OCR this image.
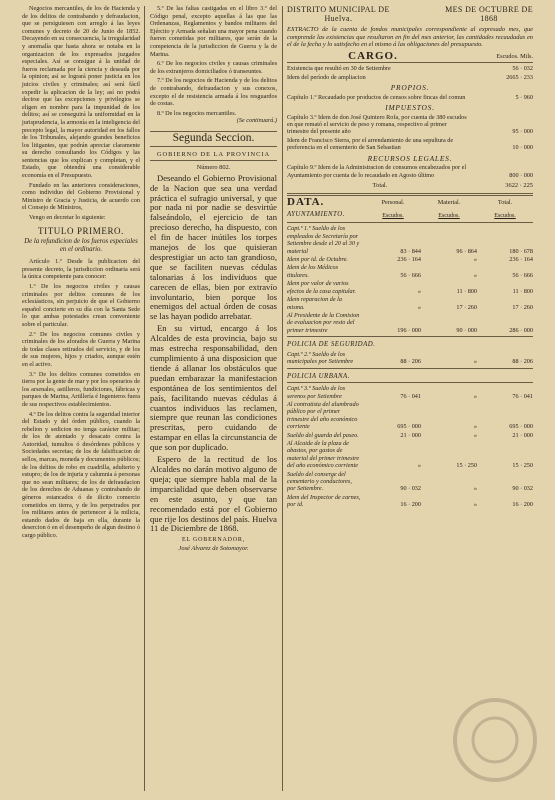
Negocios mercantiles, de los de Hacienda y de los delitos de contrabando y defraudacion, que se persiguiesen con arreglo á las leyes comunes y decreto de 20 de Junio de 1852. Decayendo en su consecuencia, la irregularidad y anomalía que hasta ahora se notaba en la organizacion de los expresados juzgados especiales. Así se consigue á la unidad de fueros reclamada por la ciencia y deseada por la opinion; así se logrará poner justicia en los juicios civiles y criminales; así será fácil expedir la aplicacion de la ley; así no podrá decirse que las excepciones y privilegios se eligen en nombre para la impunidad de los delitos; así se conseguirá la uniformidad en la jurisprudencia, la armonía en la inteligencia del precepto legal, la mayor autoridad en los fallos de los Tribunales, alejando grandes beneficios los litigantes, que podrán apreciar claramente su derecho consultando los Códigos y las sentencias que los explican y completan, y el Estado, que obtendrá una considerable economía en el Presupuesto.

Fundado en las anteriores consideraciones, como individuo del Gobierno Provisional y Ministro de Gracia y Justicia, de acuerdo con el Consejo de Ministros,

Vengo en decretar lo siguiente:

TITULO PRIMERO.
De la refundicion de los fueros especiales en el ordinario.

Artículo 1.º Desde la publicacion del presente decreto, la jurisdiccion ordinaria será la única competente para conocer:

1.º De los negocios civiles y causas criminales por delitos comunes de los eclesiásticos, sin perjuicio de que el Gobierno español concierte en su día con la Santa Sede lo que ambas potestades crean conveniente sobre el particular.

2.º De los negocios comunes civiles y criminales de los aforados de Guerra y Marina de todas clases retirados del servicio, y de los de sus mujeres, hijos y criados, aunque estén en el activo.

3.º De los delitos comunes cometidos en tierra por la gente de mar y por los operarios de los arsenales, astilleros, fundiciones, fábricas y parques de Marina, Artillería é Ingenieros fuera de sus respectivos establecimientos.

4.º De los delitos contra la seguridad interior del Estado y del órden público, cuando la rebelion y sedicion no tenga carácter militar; de los de atentado y desacato contra la Autoridad, tumultos ó desórdenes públicos y Sociedades secretas; de los de falsificacion de sellos, marcas, moneda y documentos públicos; de los delitos de robo en cuadrilla, adulterio y estupro; de los de injuria y calumnia á personas que no sean militares; de los de defraudacion de los derechos de Aduanas y contrabando de géneros estancados ó de ilícito comercio cometidos en tierra, y de los perpetrados por los militares antes de pertenecer á la milicia, estando dados de baja en ella, durante la desercion ó en el desempeño de algun destino ó cargo público.

5.º De las faltas castigadas en el libro 3.º del Código penal, excepto aquellas á las que las Ordenanzas, Reglamentos y bandos militares del Ejército y Armada señalan una mayor pena cuando fueren cometidas por militares, que serán de la competencia de la jurisdiccion de Guerra y la de Marina.

6.º De los negocios civiles y causas criminales de los extranjeros domiciliados ó transeuntes.

7.º De los negocios de Hacienda y de los delitos de contrabando, defraudacion y sus conexos, excepto el de resistencia armada á los resguardos de costas.

8.º De los negocios mercantiles.

(Se continuará.)
Segunda Seccion.
GOBIERNO DE LA PROVINCIA
Número 802.

Deseando el Gobierno Provisional de la Nacion que sea una verdad práctica el sufragio universal, y que por nada ni por nadie se desvirtúe falseándolo, el ejercicio de tan precioso derecho, ha dispuesto, con el fin de hacer inútiles los torpes manejos de los que quisieran desprestigiar un acto tan grandioso, que se faciliten nuevas cédulas talonarias á los individuos que carecen de ellas, bien por extravío involuntario, bien porque los enemigos del actual órden de cosas se las hayan podido arrebatar.

En su virtud, encargo á los Alcaldes de esta provincia, bajo su mas estrecha responsabilidad, den cumplimiento á una disposicion que tiende á allanar los obstáculos que puedan embarazar la manifestacion espontánea de los sentimientos del país, facilitando nuevas cédulas á cuantos individuos las reclamen, siempre que reunan las condiciones prescritas, pero cuidando de estampar en ellas la circunstancia de que son por duplicado.

Espero de la rectitud de los Alcaldes no darán motivo alguno de queja; que siempre habla mal de la imparcialidad que deben observarse en este asunto, y que tan recomendado está por el Gobierno que rije los destinos del país. Huelva 11 de Diciembre de 1868.

EL GOBERNADOR,
José Alvarez de Sotomayor.
DISTRITO MUNICIPAL DE
Huelva.
MES DE OCTUBRE DE
1868
EXTRACTO de la cuenta de fondos municipales correspondiente al expresado mes, que comprende las existencias que resultaron en fin del mes anterior, las cantidades recaudadas en el de la fecha y lo satisfecho en el mismo á las obligaciones del presupuesto.
CARGO.	Escudos. Mils.
Existencia que resultó en 30 de Setiembre	56 · 032
Idem del período de ampliacion	2665 · 233
PROPIOS.
Capítulo 1.º Recaudado por productos de censos sobre fincas del comun	5 · 960
IMPUESTOS.
Capítulo 3.º Idem de don José Quintero Rofa, por cuenta de 380 escudos en que remató el servicio de peso y romana, respectivo al primer trimestre del presente año	95 · 000
Idem de Francisco Sierra, por el arrendamiento de una sepultura de preferencia en el cementerio de San Sebastian	10 · 000
RECURSOS LEGALES.
Capítulo 9.º Idem de la Administracion de consumos encabezados por el Ayuntamiento por cuenta de lo recaudado en Agosto último	800 · 000
Total.	3622 · 225
DATA.	Personal.	Material.	Total.
AYUNTAMIENTO.	Escudos.	Escudos.	Escudos.
Capt.º 1.º Sueldo de los empleados de Secretaría por Setiembre desde el 20 al 30 y material	83 · 844	96 · 864	180 · 678
Idem por id. de Octubre.	236 · 164	»	236 · 164
Idem de los Médicos titulares.	56 · 666	»	56 · 666
Idem por valor de varios efectos de la casa capitular.	»	11 · 800	11 · 800
Idem reparacion de la misma.	»	17 · 260	17 · 260
Al Presidente de la Comision de evaluacion por resto del primer trimestre	196 · 000	90 · 000	286 · 000
POLICIA DE SEGURIDAD.
Capt.º 2.º Sueldo de los municipales por Setiembre	88 · 206	»	88 · 206
POLICIA URBANA.
Capt.º 3.º Sueldo de los serenos por Setiembre	76 · 041	»	76 · 041
Al contratista del alumbrado público por el primer trimestre del año económico corriente	695 · 000	»	695 · 000
Sueldo del guarda del paseo.	21 · 000	»	21 · 000
Al Alcaide de la plaza de abastos, por gastos de material del primer trimestre del año económico corriente	»	15 · 250	15 · 250
Sueldo del conserge del cementerio y conductores, por Setiembre.	90 · 032	»	90 · 032
Idem del Inspector de carnes, por id.	16 · 200	»	16 · 200
